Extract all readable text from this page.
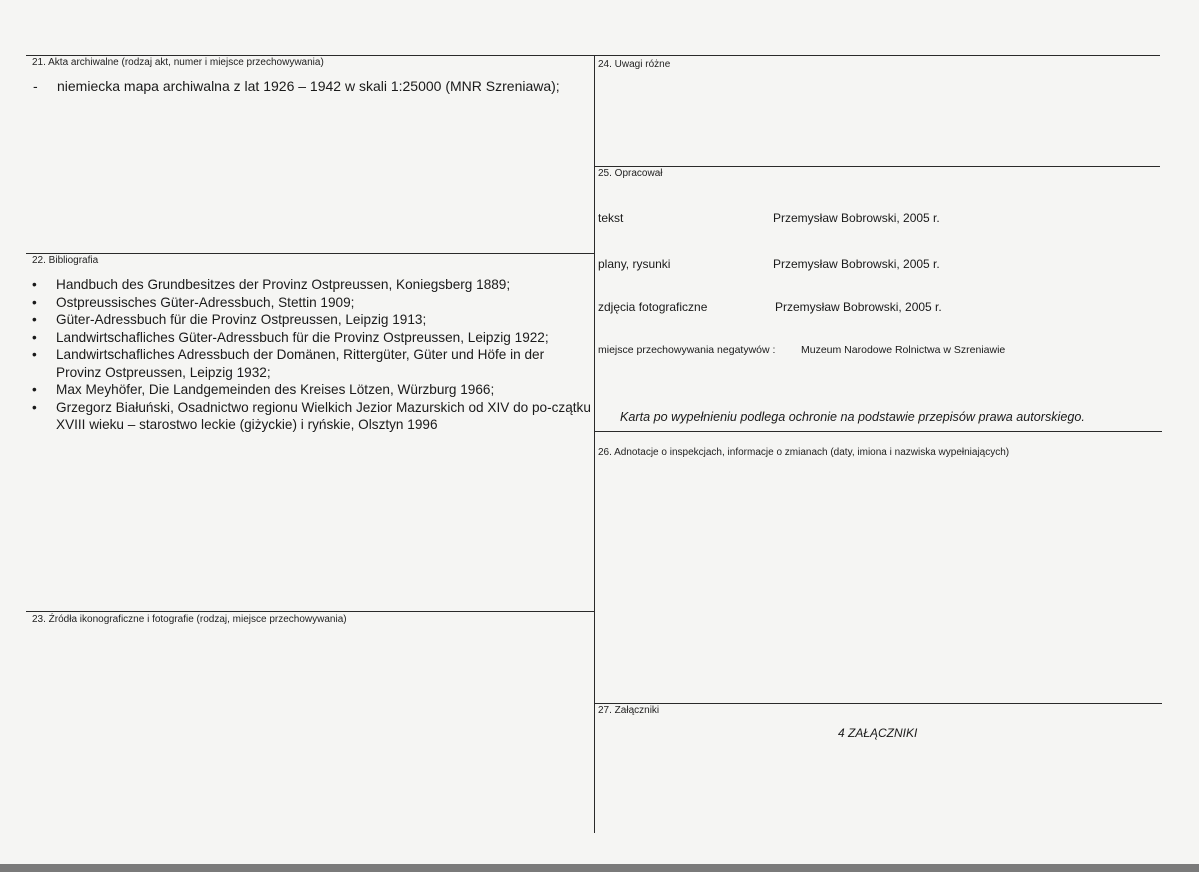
21. Akta archiwalne (rodzaj akt, numer i miejsce przechowywania)
- niemiecka mapa archiwalna z lat 1926 – 1942 w skali 1:25000 (MNR Szreniawa);
22. Bibliografia
• Handbuch des Grundbesitzes der Provinz Ostpreussen, Koniegsberg 1889;
• Ostpreussisches Güter-Adressbuch, Stettin 1909;
• Güter-Adressbuch für die Provinz Ostpreussen, Leipzig 1913;
• Landwirtschafliches Güter-Adressbuch für die Provinz Ostpreussen, Leipzig 1922;
• Landwirtschafliches Adressbuch der Domänen, Rittergüter, Güter und Höfe in der Provinz Ostpreussen, Leipzig 1932;
• Max Meyhöfer, Die Landgemeinden des Kreises Lötzen, Würzburg 1966;
• Grzegorz Białuński, Osadnictwo regionu Wielkich Jezior Mazurskich od XIV do po-czątku XVIII wieku – starostwo leckie (giżyckie) i ryńskie, Olsztyn 1996
23. Źródła ikonograficzne i fotografie (rodzaj, miejsce przechowywania)
24. Uwagi różne
25. Opracował
tekst	Przemysław Bobrowski, 2005 r.
plany, rysunki	Przemysław Bobrowski, 2005 r.
zdjęcia fotograficzne	Przemysław Bobrowski, 2005 r.
miejsce przechowywania negatywów : Muzeum Narodowe Rolnictwa w Szreniawie
Karta po wypełnieniu podlega ochronie na podstawie przepisów prawa autorskiego.
26. Adnotacje o inspekcjach, informacje o zmianach (daty, imiona i nazwiska wypełniających)
27. Załączniki
4 ZAŁĄCZNIKI
